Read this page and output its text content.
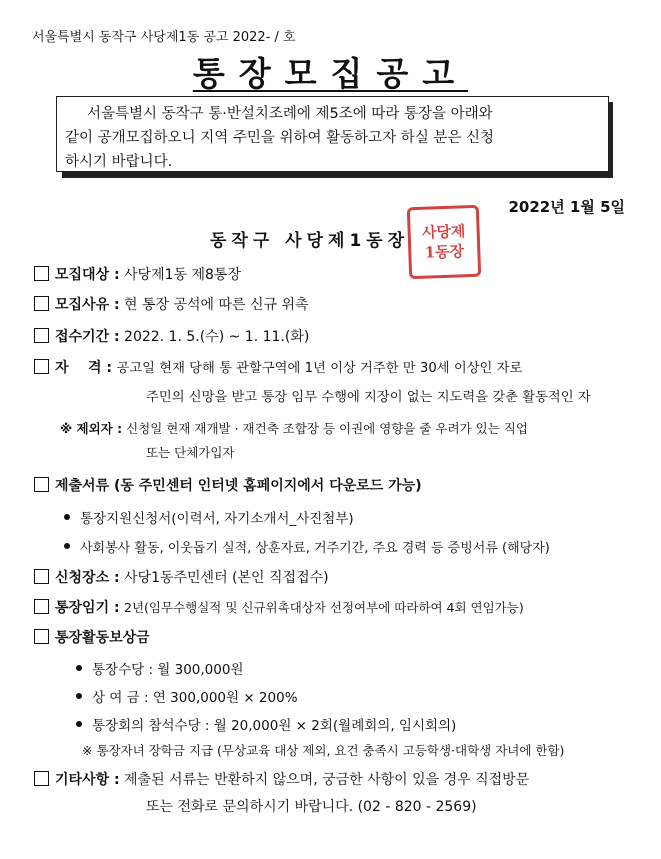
서울특별시 동작구 사당제1동 공고 2022- / 호
통장모집공고

서울특별시 동작구 통·반설치조례에 제5조에 따라 통장을 아래와

같이 공개모집하오니 지역 주민을 위하여 활동하고자 하실 분은 신청

하시기 바랍니다.

2022년 1월 5일
동작구 사당제1동장 사당제
1동장
모집대상 : 사당제1동 제8통장
모집사유 : 현 통장 공석에 따른 신규 위촉
접수기간 : 2022. 1. 5.(수) ~ 1. 11.(화)
자    격 : 공고일 현재 당해 통 관할구역에 1년 이상 거주한 만 30세 이상인 자로
주민의 신망을 받고 통장 임무 수행에 지장이 없는 지도력을 갖춘 활동적인 자
※ 제외자 : 신청일 현재 재개발 · 재건축 조합장 등 이권에 영향을 줄 우려가 있는 직업
또는 단체가입자
제출서류 (동 주민센터 인터넷 홈페이지에서 다운로드 가능)
통장지원신청서(이력서, 자기소개서_사진첨부)
사회봉사 활동, 이웃돕기 실적, 상훈자료, 거주기간, 주요 경력 등 증빙서류 (해당자)
신청장소 : 사당1동주민센터 (본인 직접접수)
통장임기 : 2년(임무수행실적 및 신규위촉대상자 선정여부에 따라하여 4회 연임가능)
통장활동보상금
통장수당 : 월 300,000원
상 여 금 : 연 300,000원 × 200%
통장회의 참석수당 : 월 20,000원 × 2회(월례회의, 임시회의)
※ 통장자녀 장학금 지급 (무상교육 대상 제외, 요건 충족시 고등학생·대학생 자녀에 한함)
기타사항 : 제출된 서류는 반환하지 않으며, 궁금한 사항이 있을 경우 직접방문
또는 전화로 문의하시기 바랍니다. (02 - 820 - 2569)
